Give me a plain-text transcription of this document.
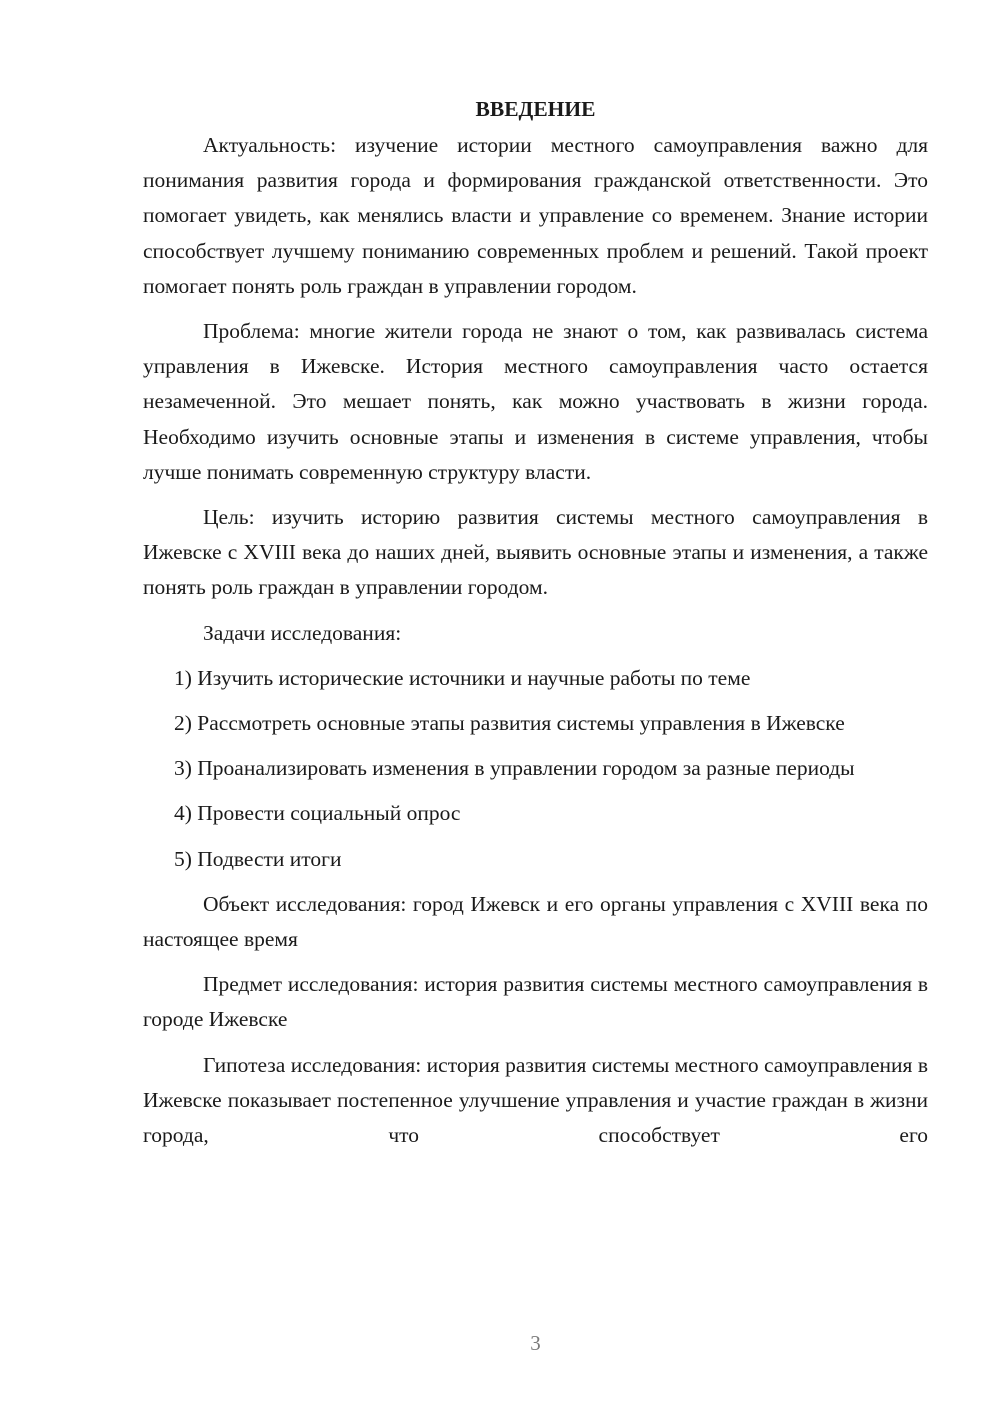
ВВЕДЕНИЕ

Актуальность: изучение истории местного самоуправления важно для понимания развития города и формирования гражданской ответственности. Это помогает увидеть, как менялись власти и управление со временем. Знание истории способствует лучшему пониманию современных проблем и решений. Такой проект помогает понять роль граждан в управлении городом.

Проблема: многие жители города не знают о том, как развивалась система управления в Ижевске. История местного самоуправления часто остается незамеченной. Это мешает понять, как можно участвовать в жизни города. Необходимо изучить основные этапы и изменения в системе управления, чтобы лучше понимать современную структуру власти.

Цель: изучить историю развития системы местного самоуправления в Ижевске с XVIII века до наших дней, выявить основные этапы и изменения, а также понять роль граждан в управлении городом.

Задачи исследования:

1) Изучить исторические источники и научные работы по теме

2) Рассмотреть основные этапы развития системы управления в Ижевске

3) Проанализировать изменения в управлении городом за разные периоды

4) Провести социальный опрос

5) Подвести итоги

Объект исследования: город Ижевск и его органы управления с XVIII века по настоящее время

Предмет исследования: история развития системы местного самоуправления в городе Ижевске

Гипотеза исследования: история развития системы местного самоуправления в Ижевске показывает постепенное улучшение управления и участие граждан в жизни города, что способствует его

3
